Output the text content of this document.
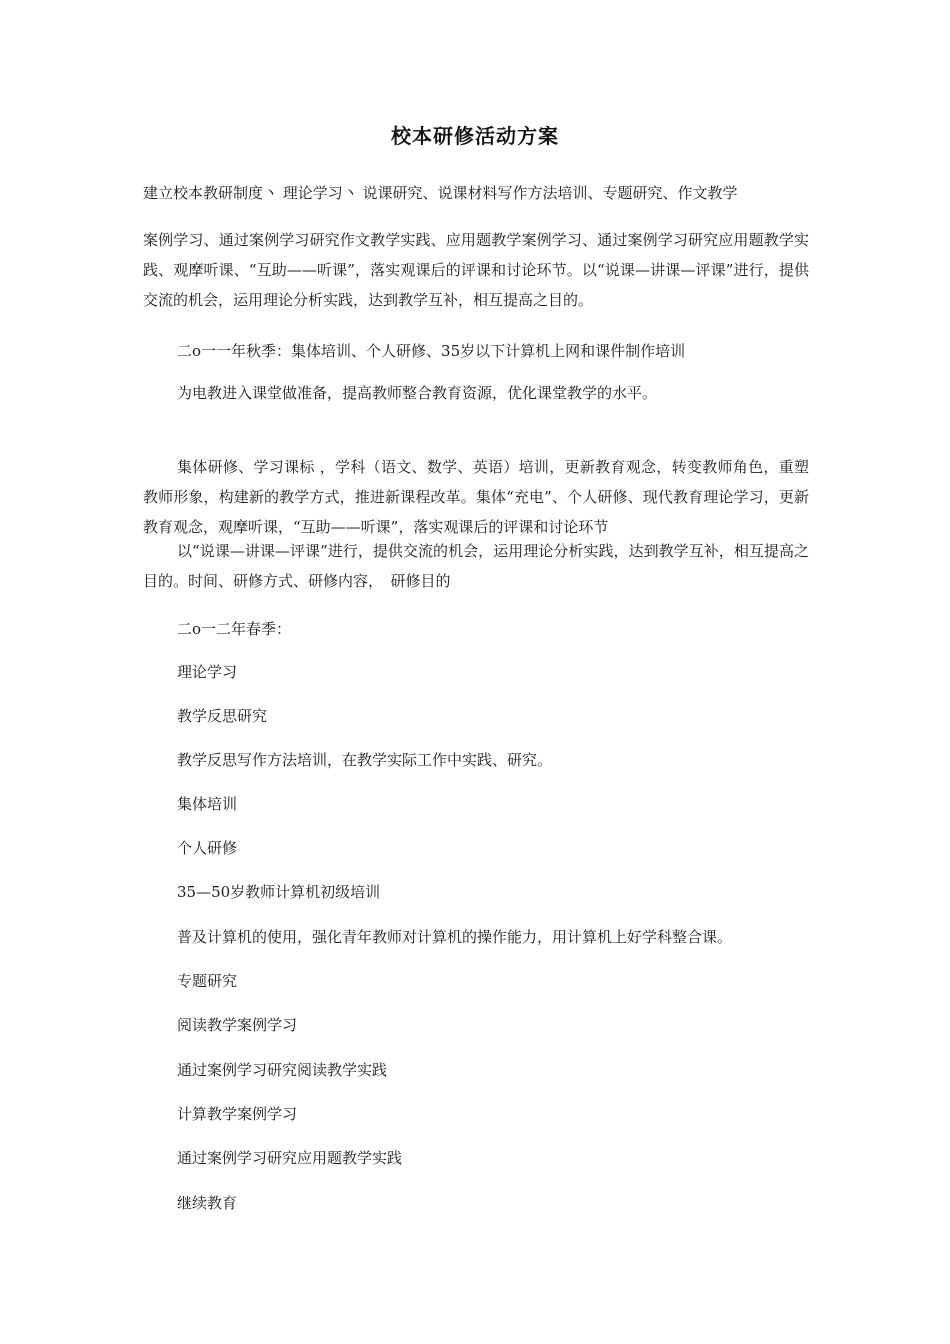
校本研修活动方案

建立校本教研制度丶 理论学习丶 说课研究、说课材料写作方法培训、专题研究、作文教学

案例学习、通过案例学习研究作文教学实践、应用题教学案例学习、通过案例学习研究应用题教学实践、观摩听课、“互助——听课”，落实观课后的评课和讨论环节。以“说课—讲课—评课”进行，提供交流的机会，运用理论分析实践，达到教学互补，相互提高之目的。

二o一一年秋季：集体培训、个人研修、35岁以下计算机上网和课件制作培训
为电教进入课堂做准备，提高教师整合教育资源，优化课堂教学的水平。

集体研修、学习课标 ，学科（语文、数学、英语）培训，更新教育观念，转变教师角色，重塑教师形象，构建新的教学方式，推进新课程改革。集体“充电”、个人研修、现代教育理论学习，更新教育观念，观摩听课，“互助——听课”，落实观课后的评课和讨论环节

以“说课—讲课—评课”进行，提供交流的机会，运用理论分析实践，达到教学互补，相互提高之目的。时间、研修方式、研修内容，　研修目的

二o一二年春季：
理论学习
教学反思研究
教学反思写作方法培训，在教学实际工作中实践、研究。
集体培训
个人研修
35—50岁教师计算机初级培训
普及计算机的使用，强化青年教师对计算机的操作能力，用计算机上好学科整合课。
专题研究
阅读教学案例学习
通过案例学习研究阅读教学实践
计算教学案例学习
通过案例学习研究应用题教学实践
继续教育
